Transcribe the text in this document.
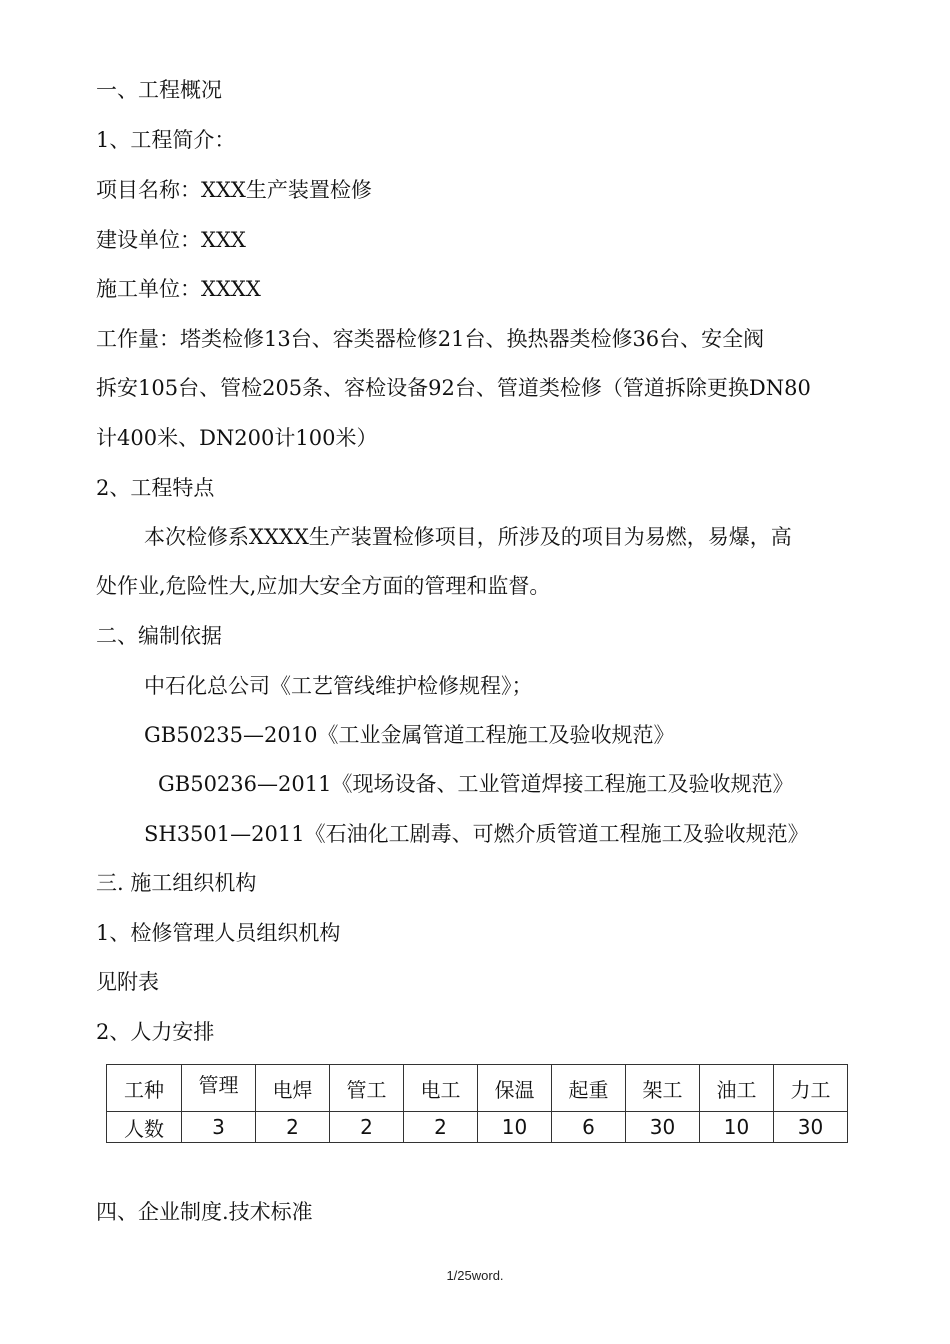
一、工程概况
1、工程简介：
项目名称：XXX生产装置检修
建设单位：XXX
施工单位：XXXX
工作量：塔类检修13台、容类器检修21台、换热器类检修36台、安全阀
拆安105台、管检205条、容检设备92台、管道类检修（管道拆除更换DN80
计400米、DN200计100米）
2、工程特点
本次检修系XXXX生产装置检修项目，所涉及的项目为易燃，易爆，高
处作业,危险性大,应加大安全方面的管理和监督。
二、编制依据
中石化总公司《工艺管线维护检修规程》；
GB50235—2010《工业金属管道工程施工及验收规范》
GB50236—2011《现场设备、工业管道焊接工程施工及验收规范》
SH3501—2011《石油化工剧毒、可燃介质管道工程施工及验收规范》
三. 施工组织机构
1、检修管理人员组织机构
见附表
2、人力安排
工种	管理	电焊	管工	电工	保温	起重	架工	油工	力工
人数	3	2	2	2	10	6	30	10	30
四、企业制度.技术标准
1/25word.
